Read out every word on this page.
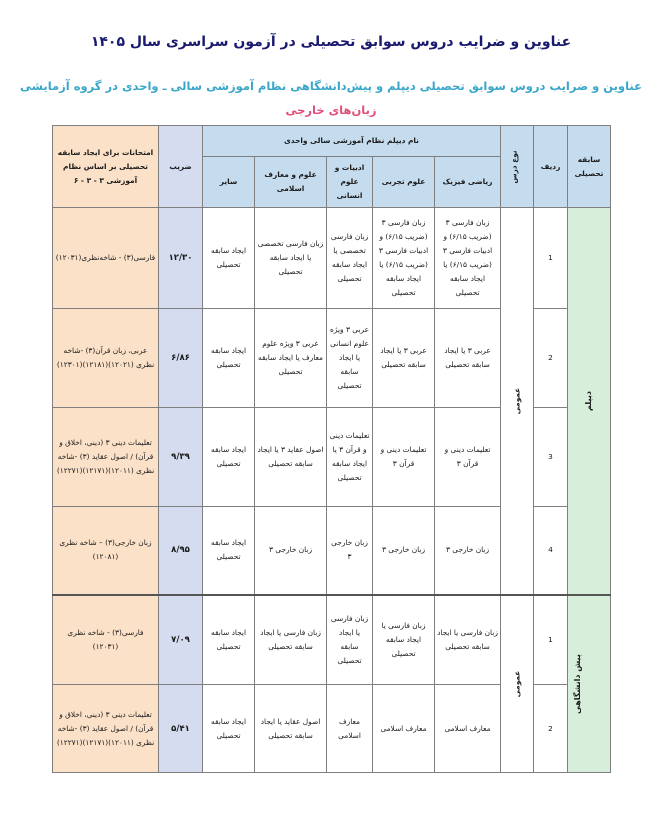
عناوین و ضرایب دروس سوابق تحصیلی در آزمون سراسری سال ۱۴۰۵
عناوین و ضرایب دروس سوابق تحصیلی دیپلم و پیش‌دانشگاهی نظام آموزشی سالی ـ واحدی در گروه آزمایشی
زبان‌های خارجی
سابقه تحصیلی	ردیف	نوع درس	نام دیپلم نظام آموزشی سالی واحدی					ضریب	امتحانات برای ایجاد سابقه تحصیلی بر اساس نظام آموزشی ۳ - ۳ - ۶
			ریاضی فیزیک	علوم تجربی	ادبیات و علوم انسانی	علوم و معارف اسلامی	سایر		
دیپلم	1	عمومی	زبان فارسی ۳ (ضریب ۶/۱۵) و ادبیات فارسی ۳ (ضریب ۶/۱۵) یا ایجاد سابقه تحصیلی	زبان فارسی ۳ (ضریب ۶/۱۵) و ادبیات فارسی ۳ (ضریب ۶/۱۵) یا ایجاد سابقه تحصیلی	زبان فارسی تخصصی یا ایجاد سابقه تحصیلی	زبان فارسی تخصصی یا ایجاد سابقه تحصیلی	ایجاد سابقه تحصیلی	۱۲/۳۰	فارسی(۳) - شاخه‌نظری(۱۲۰۳۱)
	2		عربی ۳ یا ایجاد سابقه تحصیلی	عربی ۳ یا ایجاد سابقه تحصیلی	عربی ۳ ویژه علوم انسانی یا ایجاد سابقه تحصیلی	عربی ۳ ویژه علوم معارف یا ایجاد سابقه تحصیلی	ایجاد سابقه تحصیلی	۶/۸۶	عربی، زبان قرآن(۳) -شاخه نظری (۱۲۰۲۱)(۱۲۱۸۱)(۱۲۳۰۱)
	3		تعلیمات دینی و قرآن ۳	تعلیمات دینی و قرآن ۳	تعلیمات دینی و قرآن ۳ یا ایجاد سابقه تحصیلی	اصول عقاید ۳ یا ایجاد سابقه تحصیلی	ایجاد سابقه تحصیلی	۹/۳۹	تعلیمات دینی ۳ (دینی، اخلاق و قرآن) / اصول عقاید (۳) -شاخه نظری (۱۲۰۱۱)(۱۲۱۷۱)(۱۲۲۷۱)
	4		زبان خارجی ۳	زبان خارجی ۳	زبان خارجی ۳	زبان خارجی ۳	ایجاد سابقه تحصیلی	۸/۹۵	زبان خارجی(۳) – شاخه نظری (۱۲۰۸۱)
پیش دانشگاهی	1	عمومی	زبان فارسی یا ایجاد سابقه تحصیلی	زبان فارسی یا ایجاد سابقه تحصیلی	زبان فارسی یا ایجاد سابقه تحصیلی	زبان فارسی یا ایجاد سابقه تحصیلی	ایجاد سابقه تحصیلی	۷/۰۹	فارسی(۳) - شاخه نظری (۱۲۰۳۱)
	2		معارف اسلامی	معارف اسلامی	معارف اسلامی	اصول عقاید یا ایجاد سابقه تحصیلی	ایجاد سابقه تحصیلی	۵/۴۱	تعلیمات دینی ۳ (دینی، اخلاق و قرآن) / اصول عقاید (۳) -شاخه نظری (۱۲۰۱۱)(۱۲۱۷۱)(۱۲۲۷۱)
